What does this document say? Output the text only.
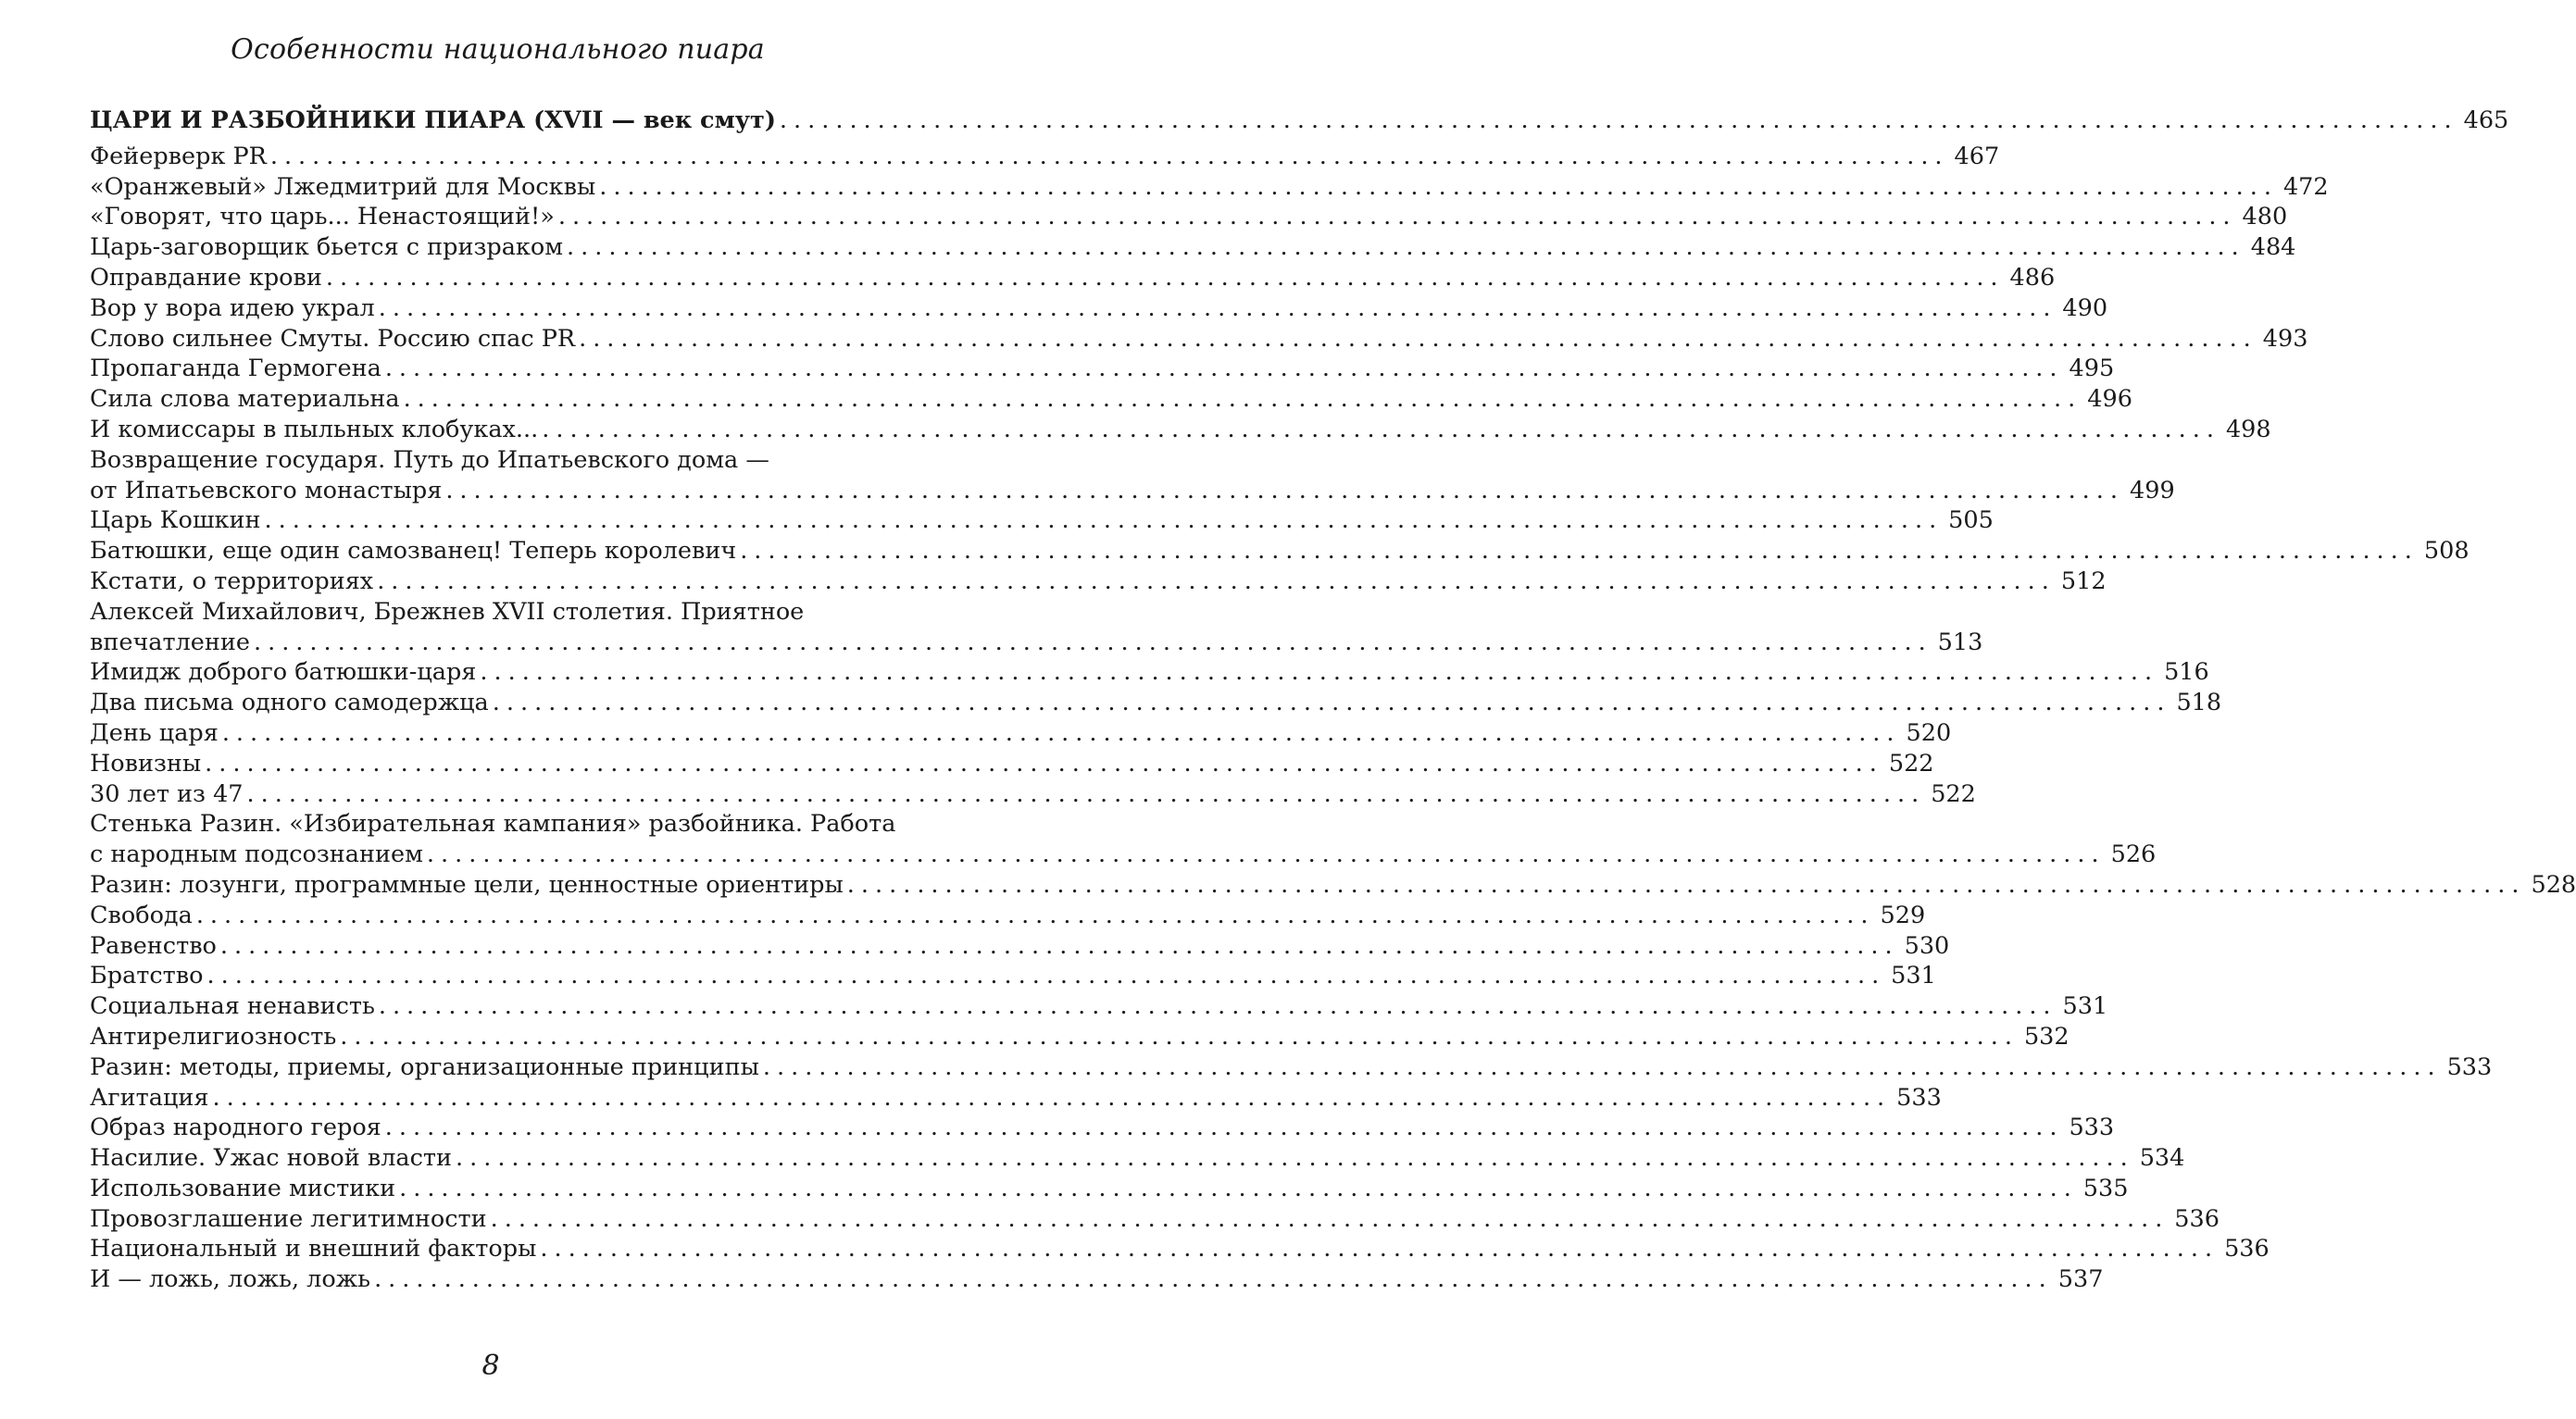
Особенности национального пиара
ЦАРИ И РАЗБОЙНИКИ ПИАРА (XVII — век смут) ........................................................................................................................ 465
Фейерверк PR ........................................................................................................................ 467
«Оранжевый» Лжедмитрий для Москвы ........................................................................................................................ 472
«Говорят, что царь... Ненастоящий!» ........................................................................................................................ 480
Царь-заговорщик бьется с призраком ........................................................................................................................ 484
Оправдание крови ........................................................................................................................ 486
Вор у вора идею украл ........................................................................................................................ 490
Слово сильнее Смуты. Россию спас PR ........................................................................................................................ 493
Пропаганда Гермогена ........................................................................................................................ 495
Сила слова материальна ........................................................................................................................ 496
И комиссары в пыльных клобуках... ........................................................................................................................ 498
Возвращение государя. Путь до Ипатьевского дома —
от Ипатьевского монастыря ........................................................................................................................ 499
Царь Кошкин ........................................................................................................................ 505
Батюшки, еще один самозванец! Теперь королевич ........................................................................................................................ 508
Кстати, о территориях ........................................................................................................................ 512
Алексей Михайлович, Брежнев XVII столетия. Приятное
впечатление ........................................................................................................................ 513
Имидж доброго батюшки-царя ........................................................................................................................ 516
Два письма одного самодержца ........................................................................................................................ 518
День царя ........................................................................................................................ 520
Новизны ........................................................................................................................ 522
30 лет из 47 ........................................................................................................................ 522
Стенька Разин. «Избирательная кампания» разбойника. Работа
с народным подсознанием ........................................................................................................................ 526
Разин: лозунги, программные цели, ценностные ориентиры ........................................................................................................................ 528
Свобода ........................................................................................................................ 529
Равенство ........................................................................................................................ 530
Братство ........................................................................................................................ 531
Социальная ненависть ........................................................................................................................ 531
Антирелигиозность ........................................................................................................................ 532
Разин: методы, приемы, организационные принципы ........................................................................................................................ 533
Агитация ........................................................................................................................ 533
Образ народного героя ........................................................................................................................ 533
Насилие. Ужас новой власти ........................................................................................................................ 534
Использование мистики ........................................................................................................................ 535
Провозглашение легитимности ........................................................................................................................ 536
Национальный и внешний факторы ........................................................................................................................ 536
И — ложь, ложь, ложь ........................................................................................................................ 537
8
